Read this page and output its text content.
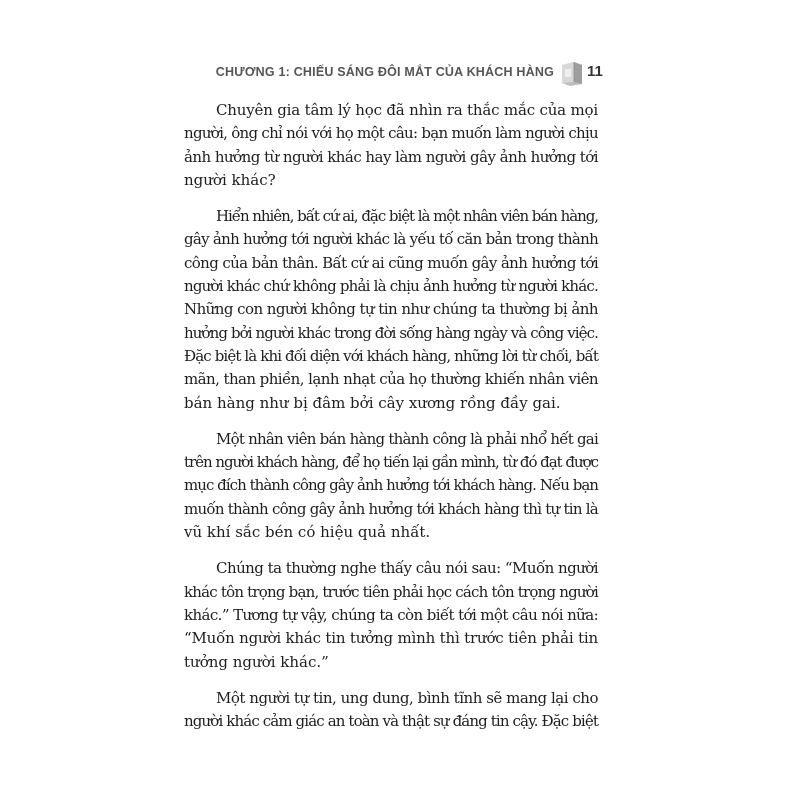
CHƯƠNG 1: CHIẾU SÁNG ĐÔI MẮT CỦA KHÁCH HÀNG 11

Chuyên gia tâm lý học đã nhìn ra thắc mắc của mọi
người, ông chỉ nói với họ một câu: bạn muốn làm người chịu
ảnh hưởng từ người khác hay làm người gây ảnh hưởng tới
người khác?

Hiển nhiên, bất cứ ai, đặc biệt là một nhân viên bán hàng,
gây ảnh hưởng tới người khác là yếu tố căn bản trong thành
công của bản thân. Bất cứ ai cũng muốn gây ảnh hưởng tới
người khác chứ không phải là chịu ảnh hưởng từ người khác.
Những con người không tự tin như chúng ta thường bị ảnh
hưởng bởi người khác trong đời sống hàng ngày và công việc.
Đặc biệt là khi đối diện với khách hàng, những lời từ chối, bất
mãn, than phiền, lạnh nhạt của họ thường khiến nhân viên
bán hàng như bị đâm bởi cây xương rồng đầy gai.

Một nhân viên bán hàng thành công là phải nhổ hết gai
trên người khách hàng, để họ tiến lại gần mình, từ đó đạt được
mục đích thành công gây ảnh hưởng tới khách hàng. Nếu bạn
muốn thành công gây ảnh hưởng tới khách hàng thì tự tin là
vũ khí sắc bén có hiệu quả nhất.

Chúng ta thường nghe thấy câu nói sau: “Muốn người
khác tôn trọng bạn, trước tiên phải học cách tôn trọng người
khác.” Tương tự vậy, chúng ta còn biết tới một câu nói nữa:
“Muốn người khác tin tưởng mình thì trước tiên phải tin
tưởng người khác.”

Một người tự tin, ung dung, bình tĩnh sẽ mang lại cho
người khác cảm giác an toàn và thật sự đáng tin cậy. Đặc biệt
